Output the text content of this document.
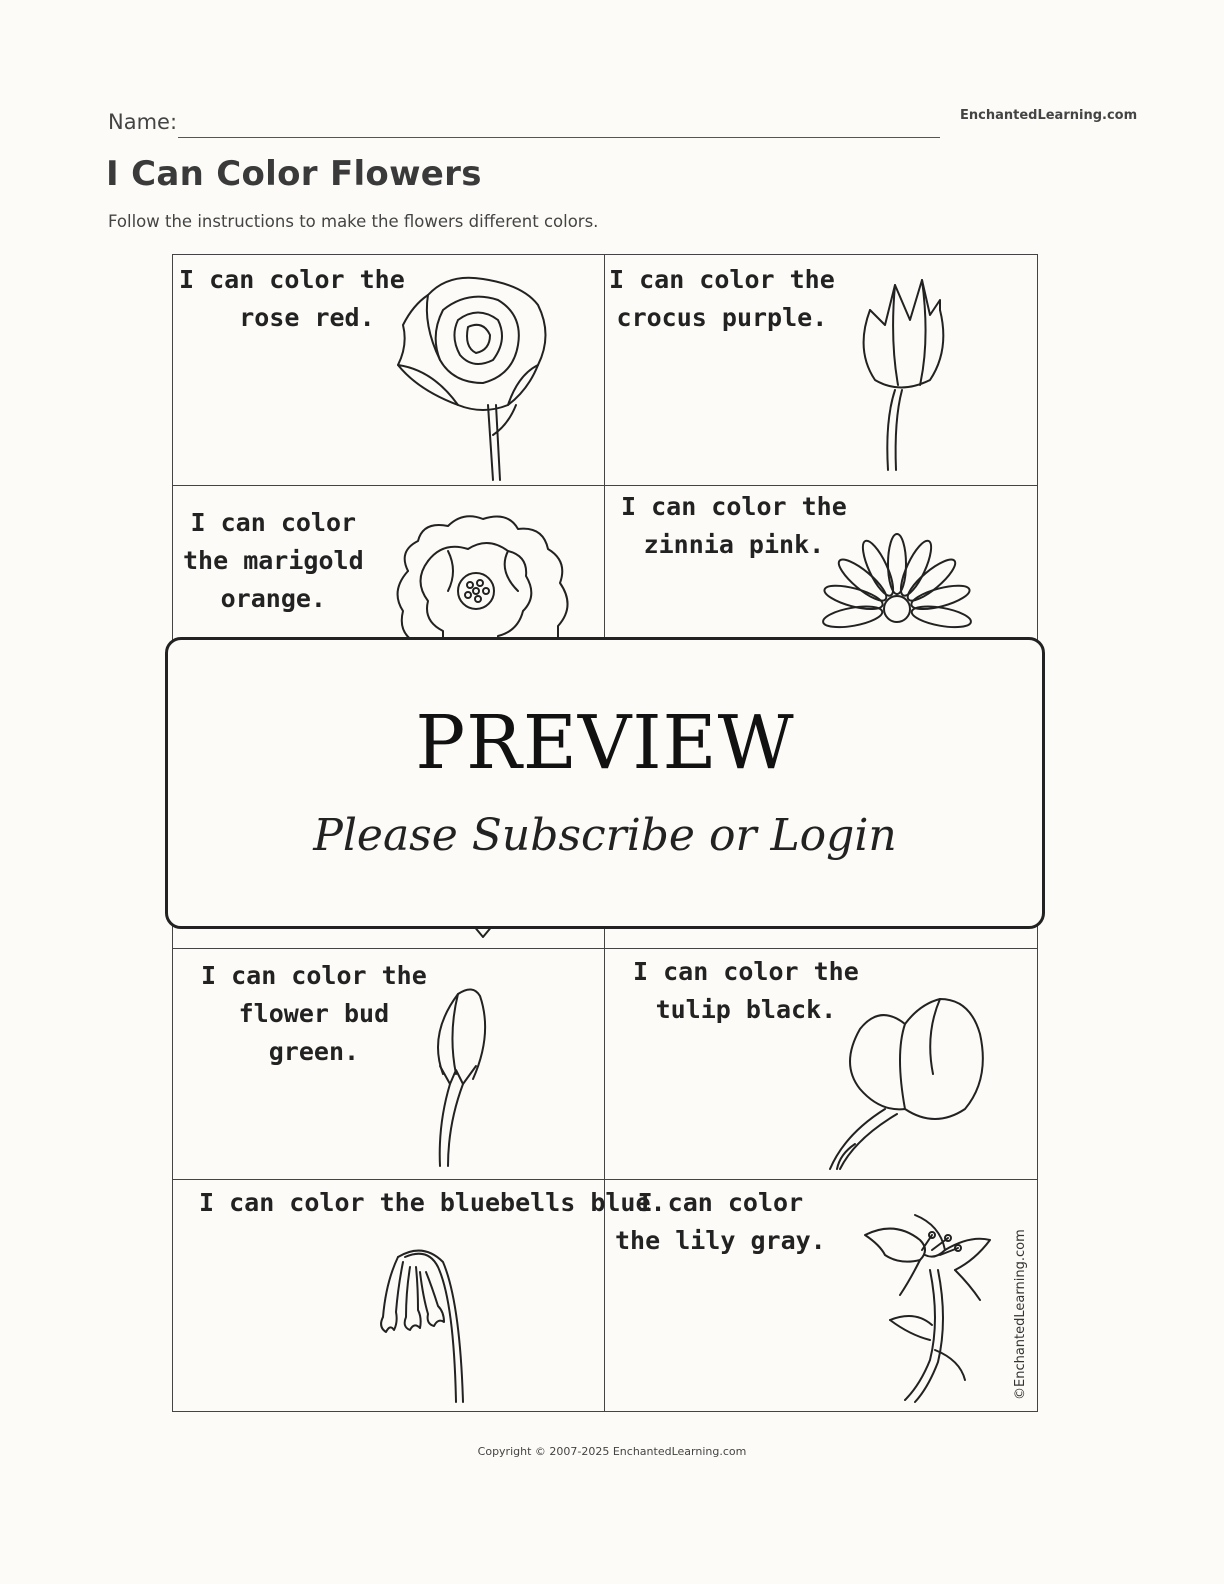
Name:	EnchantedLearning.com
I Can Color Flowers
Follow the instructions to make the flowers different colors.
I can color the
rose red.
I can color the
crocus purple.
I can color
the marigold
orange.
I can color the
zinnia pink.
I can color the
flower bud
green.
I can color the
tulip black.
I can color the bluebells blue.
I can color
the lily gray.	©EnchantedLearning.com
PREVIEW
Please Subscribe or Login
Copyright © 2007-2025 EnchantedLearning.com
